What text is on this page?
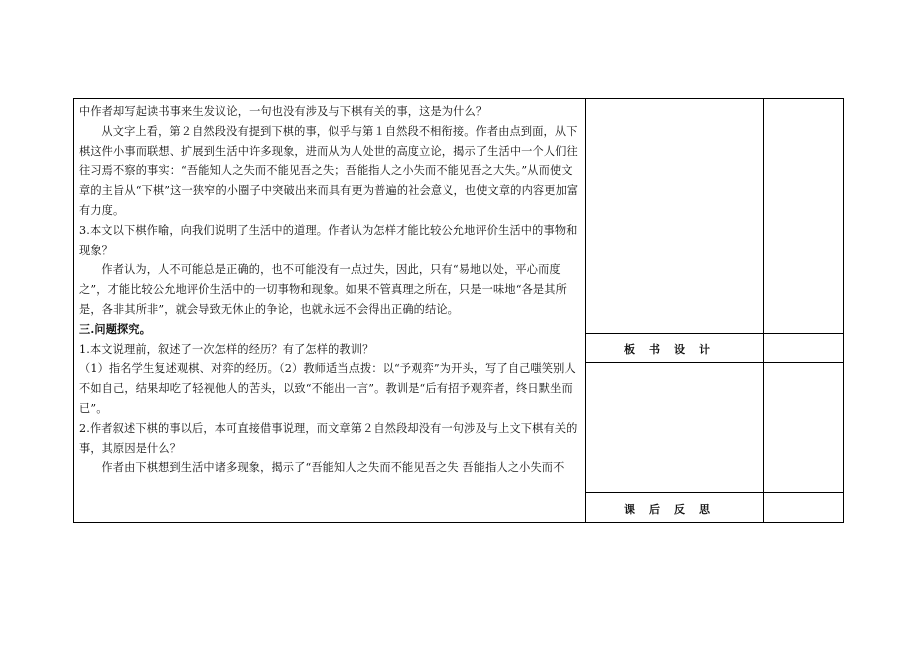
中作者却写起读书事来生发议论，一句也没有涉及与下棋有关的事，这是为什么？

从文字上看，第２自然段没有提到下棋的事，似乎与第１自然段不相衔接。作者由点到面，从下棋这件小事而联想、扩展到生活中许多现象，进而从为人处世的高度立论，揭示了生活中一个人们往往习焉不察的事实：“吾能知人之失而不能见吾之失；吾能指人之小失而不能见吾之大失。”从而使文章的主旨从“下棋”这一狭窄的小圈子中突破出来而具有更为普遍的社会意义，也使文章的内容更加富有力度。

3.本文以下棋作喻，向我们说明了生活中的道理。作者认为怎样才能比较公允地评价生活中的事物和现象？

作者认为，人不可能总是正确的，也不可能没有一点过失，因此，只有“易地以处，平心而度之”，才能比较公允地评价生活中的一切事物和现象。如果不管真理之所在，只是一味地“各是其所是，各非其所非”，就会导致无休止的争论，也就永远不会得出正确的结论。

三.问题探究。

1.本文说理前，叙述了一次怎样的经历？有了怎样的教训？

（1）指名学生复述观棋、对弈的经历。（2）教师适当点拨：以“予观弈”为开头，写了自己嗤笑别人不如自己，结果却吃了轻视他人的苦头，以致“不能出一言”。教训是“后有招予观弈者，终日默坐而已”。

2.作者叙述下棋的事以后，本可直接借事说理，而文章第２自然段却没有一句涉及与上文下棋有关的事，其原因是什么？

作者由下棋想到生活中诸多现象，揭示了“吾能知人之失而不能见吾之失 吾能指人之小失而不

板书设计
课后反思
